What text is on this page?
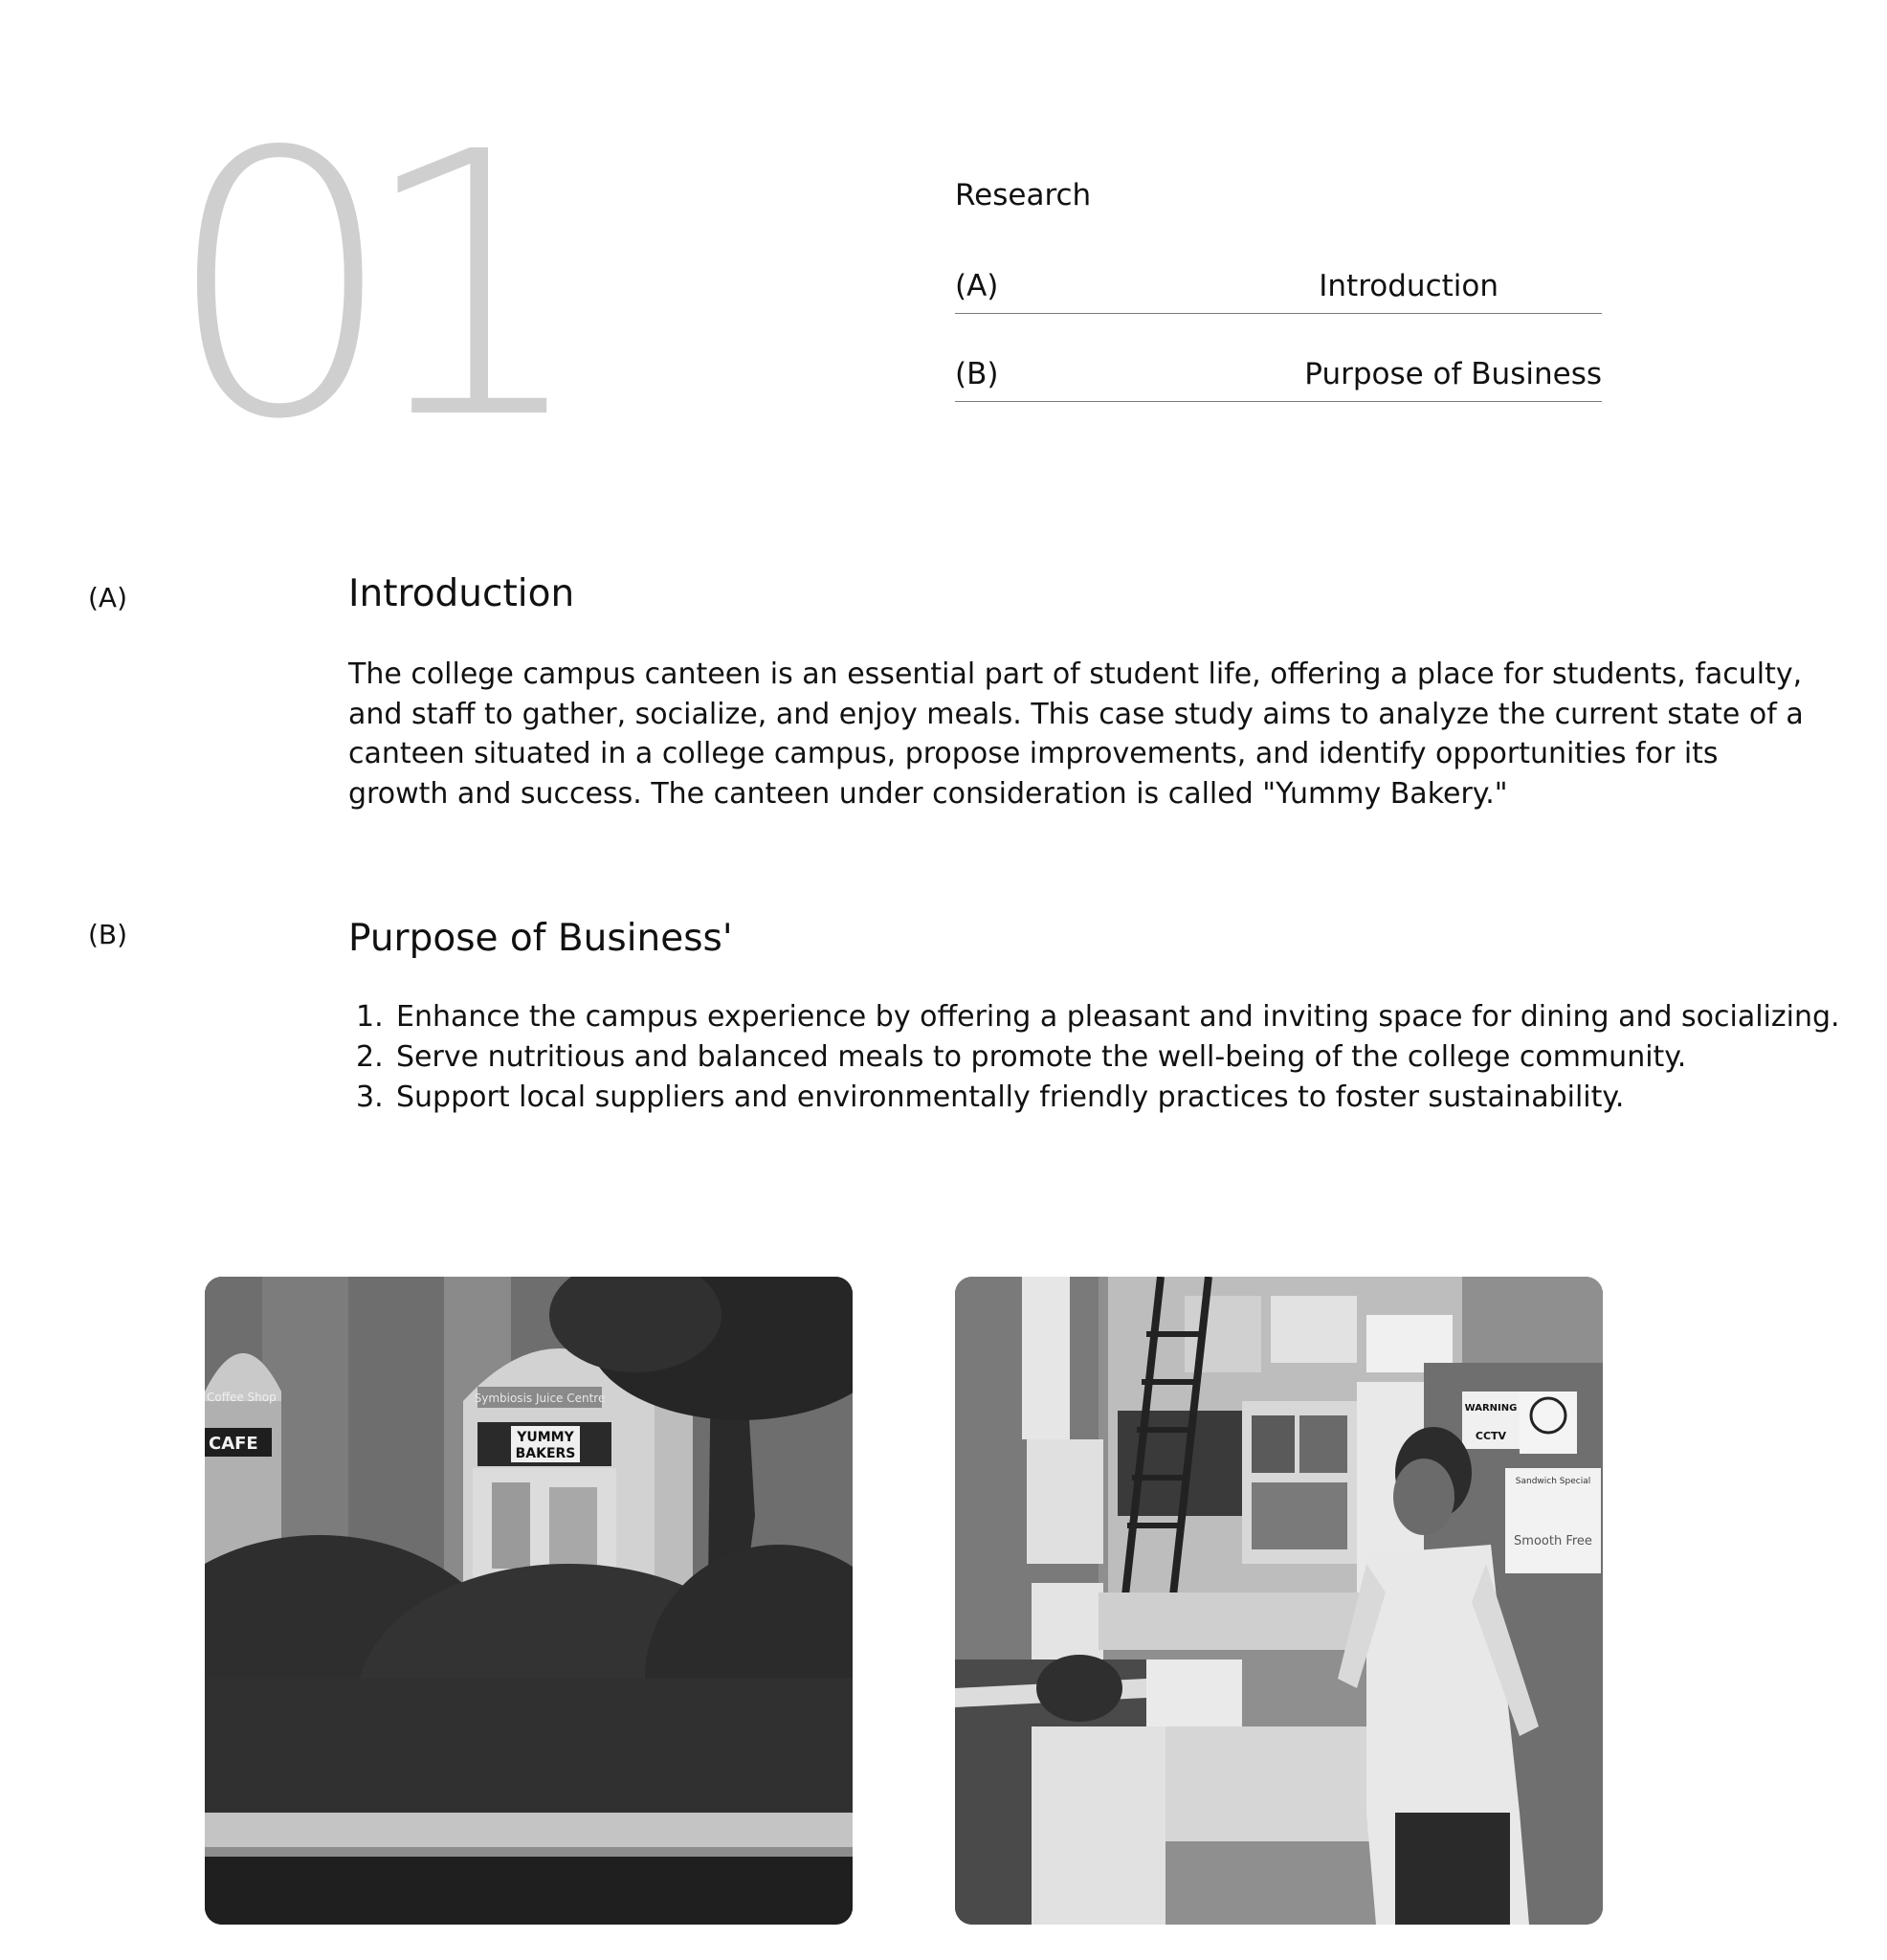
01	Research
(A)	Introduction
(B)	Purpose of Business
(A)	Introduction

The college campus canteen is an essential part of student life, offering a place for students, faculty, and staff to gather, socialize, and enjoy meals. This case study aims to analyze the current state of a canteen situated in a college campus, propose improvements, and identify opportunities for its growth and success. The canteen under consideration is called "Yummy Bakery."

(B)	Purpose of Business'
1. Enhance the campus experience by offering a pleasant and inviting space for dining and socializing.
2. Serve nutritious and balanced meals to promote the well-being of the college community.
3. Support local suppliers and environmentally friendly practices to foster sustainability.
Symbiosis Juice Centre
YUMMY
BAKERS
CAFE
Coffee Shop
WARNING
CCTV
Sandwich Special
Smooth Free
